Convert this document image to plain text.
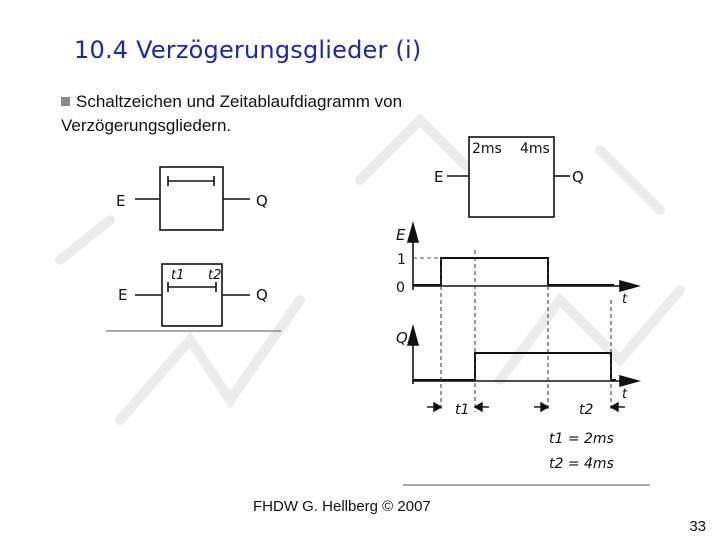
10.4 Verzögerungsglieder (i)
Schaltzeichen und Zeitablaufdiagramm von
Verzögerungsgliedern.
E	Q
t1 t2
E	Q
2ms 4ms
E	Q
E
1
0
t
Q
t
t1	t2
t1 = 2ms
t2 = 4ms
FHDW G. Hellberg © 2007
33
